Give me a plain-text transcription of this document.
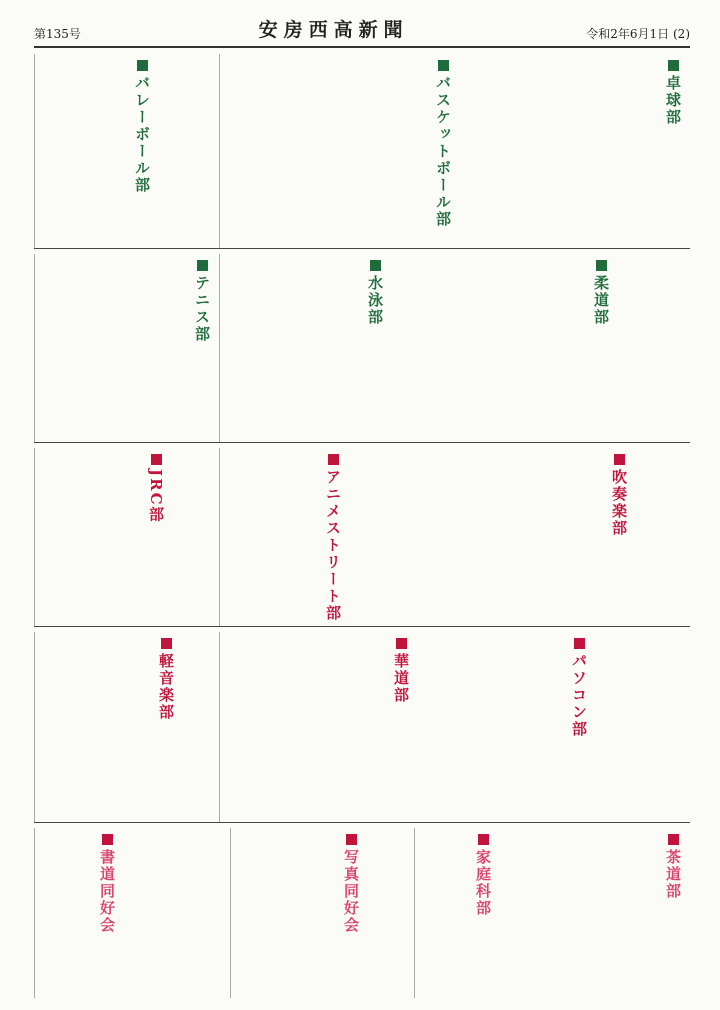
第135号	安房西高新聞	令和2年6月1日 (2)
卓球部
バスケットボール部
バレーボール部
柔道部
水泳部
テニス部
吹奏楽部
アニメストリート部
JRC部
パソコン部
華道部
軽音楽部
茶道部
家庭科部
写真同好会
書道同好会
